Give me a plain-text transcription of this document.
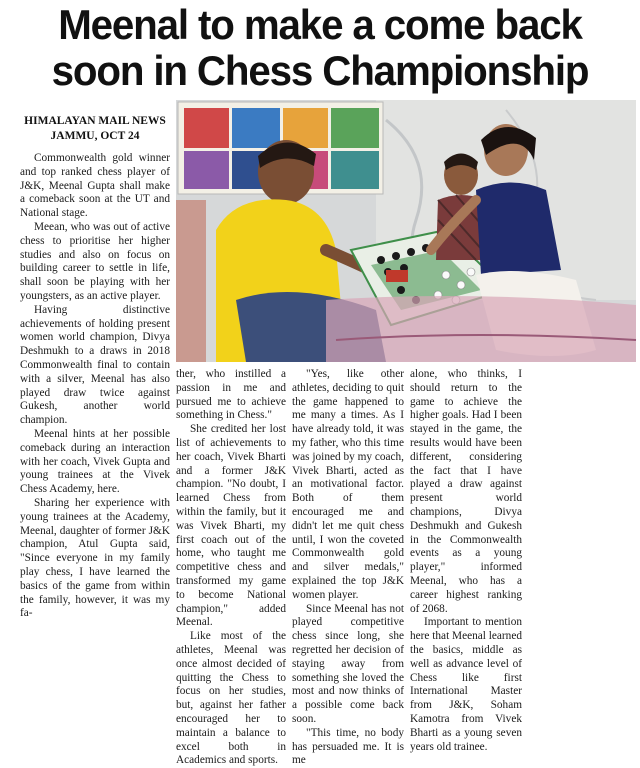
Meenal to make a come back
soon in Chess Championship
HIMALAYAN MAIL NEWS
JAMMU, OCT 24

Commonwealth gold winner and top ranked chess player of J&K, Meenal Gupta shall make a comeback soon at the UT and National stage.

Meean, who was out of active chess to prioritise her higher studies and also on focus on building career to settle in life, shall soon be playing with her youngsters, as an active player.

Having distinctive achievements of holding present women world champion, Divya Deshmukh to a draws in 2018 Commonwealth final to contain with a silver, Meenal has also played draw twice against Gukesh, another world champion.

Meenal hints at her possible comeback during an interaction with her coach, Vivek Gupta and young trainees at the Vivek Chess Academy, here.

Sharing her experience with young trainees at the Academy, Meenal, daughter of former J&K champion, Atul Gupta said, "Since everyone in my family play chess, I have learned the basics of the game from within the family, however, it was my fa-

ther, who instilled a passion in me and pursued me to achieve something in Chess."

She credited her lost list of achievements to her coach, Vivek Bharti and a former J&K champion. "No doubt, I learned Chess from within the family, but it was Vivek Bharti, my first coach out of the home, who taught me competitive chess and transformed my game to become National champion," added Meenal.

Like most of the athletes, Meenal was once almost decided of quitting the Chess to focus on her studies, but, against her father encouraged her to maintain a balance to excel both in Academics and sports.

"Yes, like other athletes, deciding to quit the game happened to me many a times. As I have already told, it was my father, who this time was joined by my coach, Vivek Bharti, acted as an motivational factor. Both of them encouraged me and didn't let me quit chess until, I won the coveted Commonwealth gold and silver medals," explained the top J&K women player.

Since Meenal has not played competitive chess since long, she regretted her decision of staying away from something she loved the most and now thinks of a possible come back soon.

"This time, no body has persuaded me. It is me

alone, who thinks, I should return to the game to achieve the higher goals. Had I been stayed in the game, the results would have been different, considering the fact that I have played a draw against present world champions, Divya Deshmukh and Gukesh in the Commonwealth events as a young player," informed Meenal, who has a career highest ranking of 2068.

Important to mention here that Meenal learned the basics, middle as well as advance level of Chess like first International Master from J&K, Soham Kamotra from Vivek Bharti as a young seven years old trainee.
